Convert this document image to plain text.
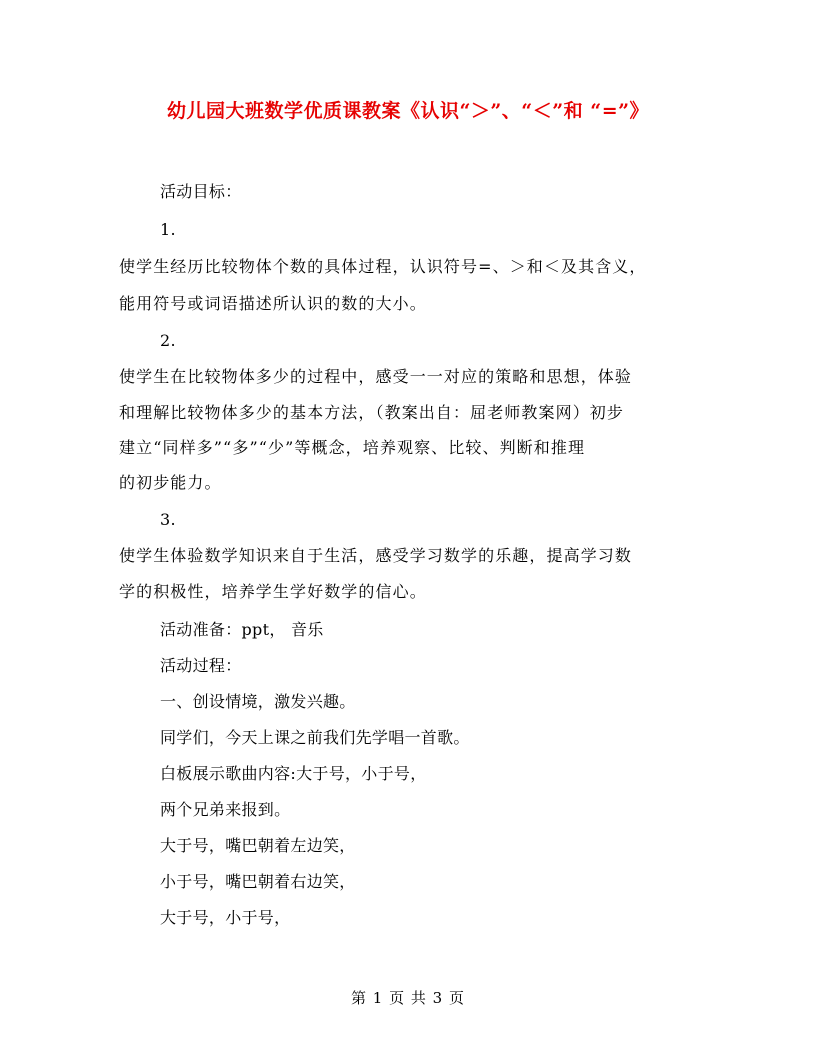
幼儿园大班数学优质课教案《认识“＞”、“＜”和 “=”》
活动目标：
1.
使学生经历比较物体个数的具体过程，认识符号=、＞和＜及其含义，
能用符号或词语描述所认识的数的大小。
2.
使学生在比较物体多少的过程中，感受一一对应的策略和思想，体验
和理解比较物体多少的基本方法，（教案出自：屈老师教案网）初步
建立“同样多”“多”“少”等概念，培养观察、比较、判断和推理
的初步能力。
3.
使学生体验数学知识来自于生活，感受学习数学的乐趣，提高学习数
学的积极性，培养学生学好数学的信心。
活动准备：ppt， 音乐
活动过程：
一、创设情境，激发兴趣。
同学们，今天上课之前我们先学唱一首歌。
白板展示歌曲内容:大于号，小于号，
两个兄弟来报到。
大于号，嘴巴朝着左边笑，
小于号，嘴巴朝着右边笑，
大于号，小于号，
第 1 页 共 3 页
